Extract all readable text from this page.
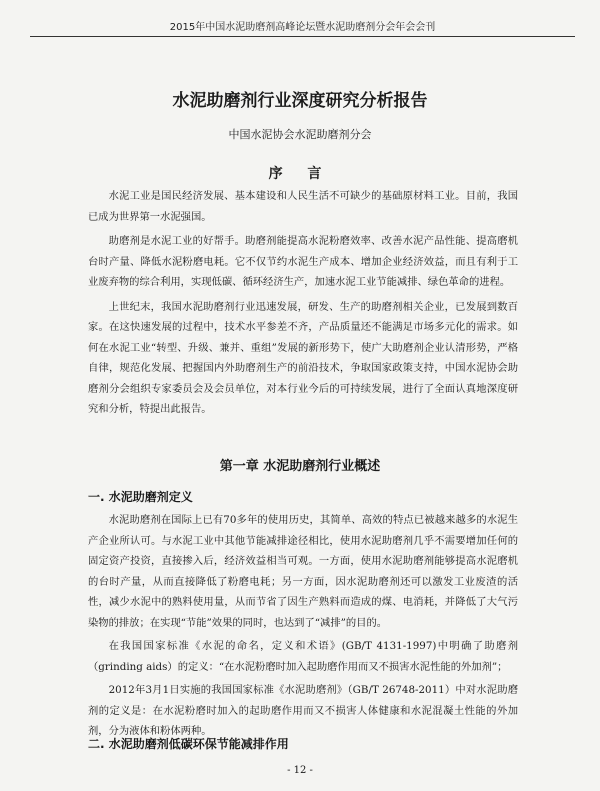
2015年中国水泥助磨剂高峰论坛暨水泥助磨剂分会年会会刊
水泥助磨剂行业深度研究分析报告
中国水泥协会水泥助磨剂分会
序 言

水泥工业是国民经济发展、基本建设和人民生活不可缺少的基础原材料工业。目前，我国已成为世界第一水泥强国。

助磨剂是水泥工业的好帮手。助磨剂能提高水泥粉磨效率、改善水泥产品性能、提高磨机台时产量、降低水泥粉磨电耗。它不仅节约水泥生产成本、增加企业经济效益，而且有利于工业废弃物的综合利用，实现低碳、循环经济生产，加速水泥工业节能减排、绿色革命的进程。

上世纪末，我国水泥助磨剂行业迅速发展，研发、生产的助磨剂相关企业，已发展到数百家。在这快速发展的过程中，技术水平参差不齐，产品质量还不能满足市场多元化的需求。如何在水泥工业“转型、升级、兼并、重组”发展的新形势下，使广大助磨剂企业认清形势，严格自律，规范化发展、把握国内外助磨剂生产的前沿技术，争取国家政策支持，中国水泥协会助磨剂分会组织专家委员会及会员单位，对本行业今后的可持续发展，进行了全面认真地深度研究和分析，特提出此报告。

第一章 水泥助磨剂行业概述
一. 水泥助磨剂定义

水泥助磨剂在国际上已有70多年的使用历史，其简单、高效的特点已被越来越多的水泥生产企业所认可。与水泥工业中其他节能减排途径相比，使用水泥助磨剂几乎不需要增加任何的固定资产投资，直接掺入后，经济效益相当可观。一方面，使用水泥助磨剂能够提高水泥磨机的台时产量，从而直接降低了粉磨电耗；另一方面，因水泥助磨剂还可以激发工业废渣的活性，减少水泥中的熟料使用量，从而节省了因生产熟料而造成的煤、电消耗，并降低了大气污染物的排放；在实现“节能”效果的同时，也达到了“减排”的目的。

在我国国家标准《水泥的命名，定义和术语》(GB/T 4131-1997)中明确了助磨剂（grinding aids）的定义：“在水泥粉磨时加入起助磨作用而又不损害水泥性能的外加剂”；

2012年3月1日实施的我国国家标准《水泥助磨剂》（GB/T 26748-2011）中对水泥助磨剂的定义是：在水泥粉磨时加入的起助磨作用而又不损害人体健康和水泥混凝土性能的外加剂，分为液体和粉体两种。

二. 水泥助磨剂低碳环保节能减排作用
- 12 -
